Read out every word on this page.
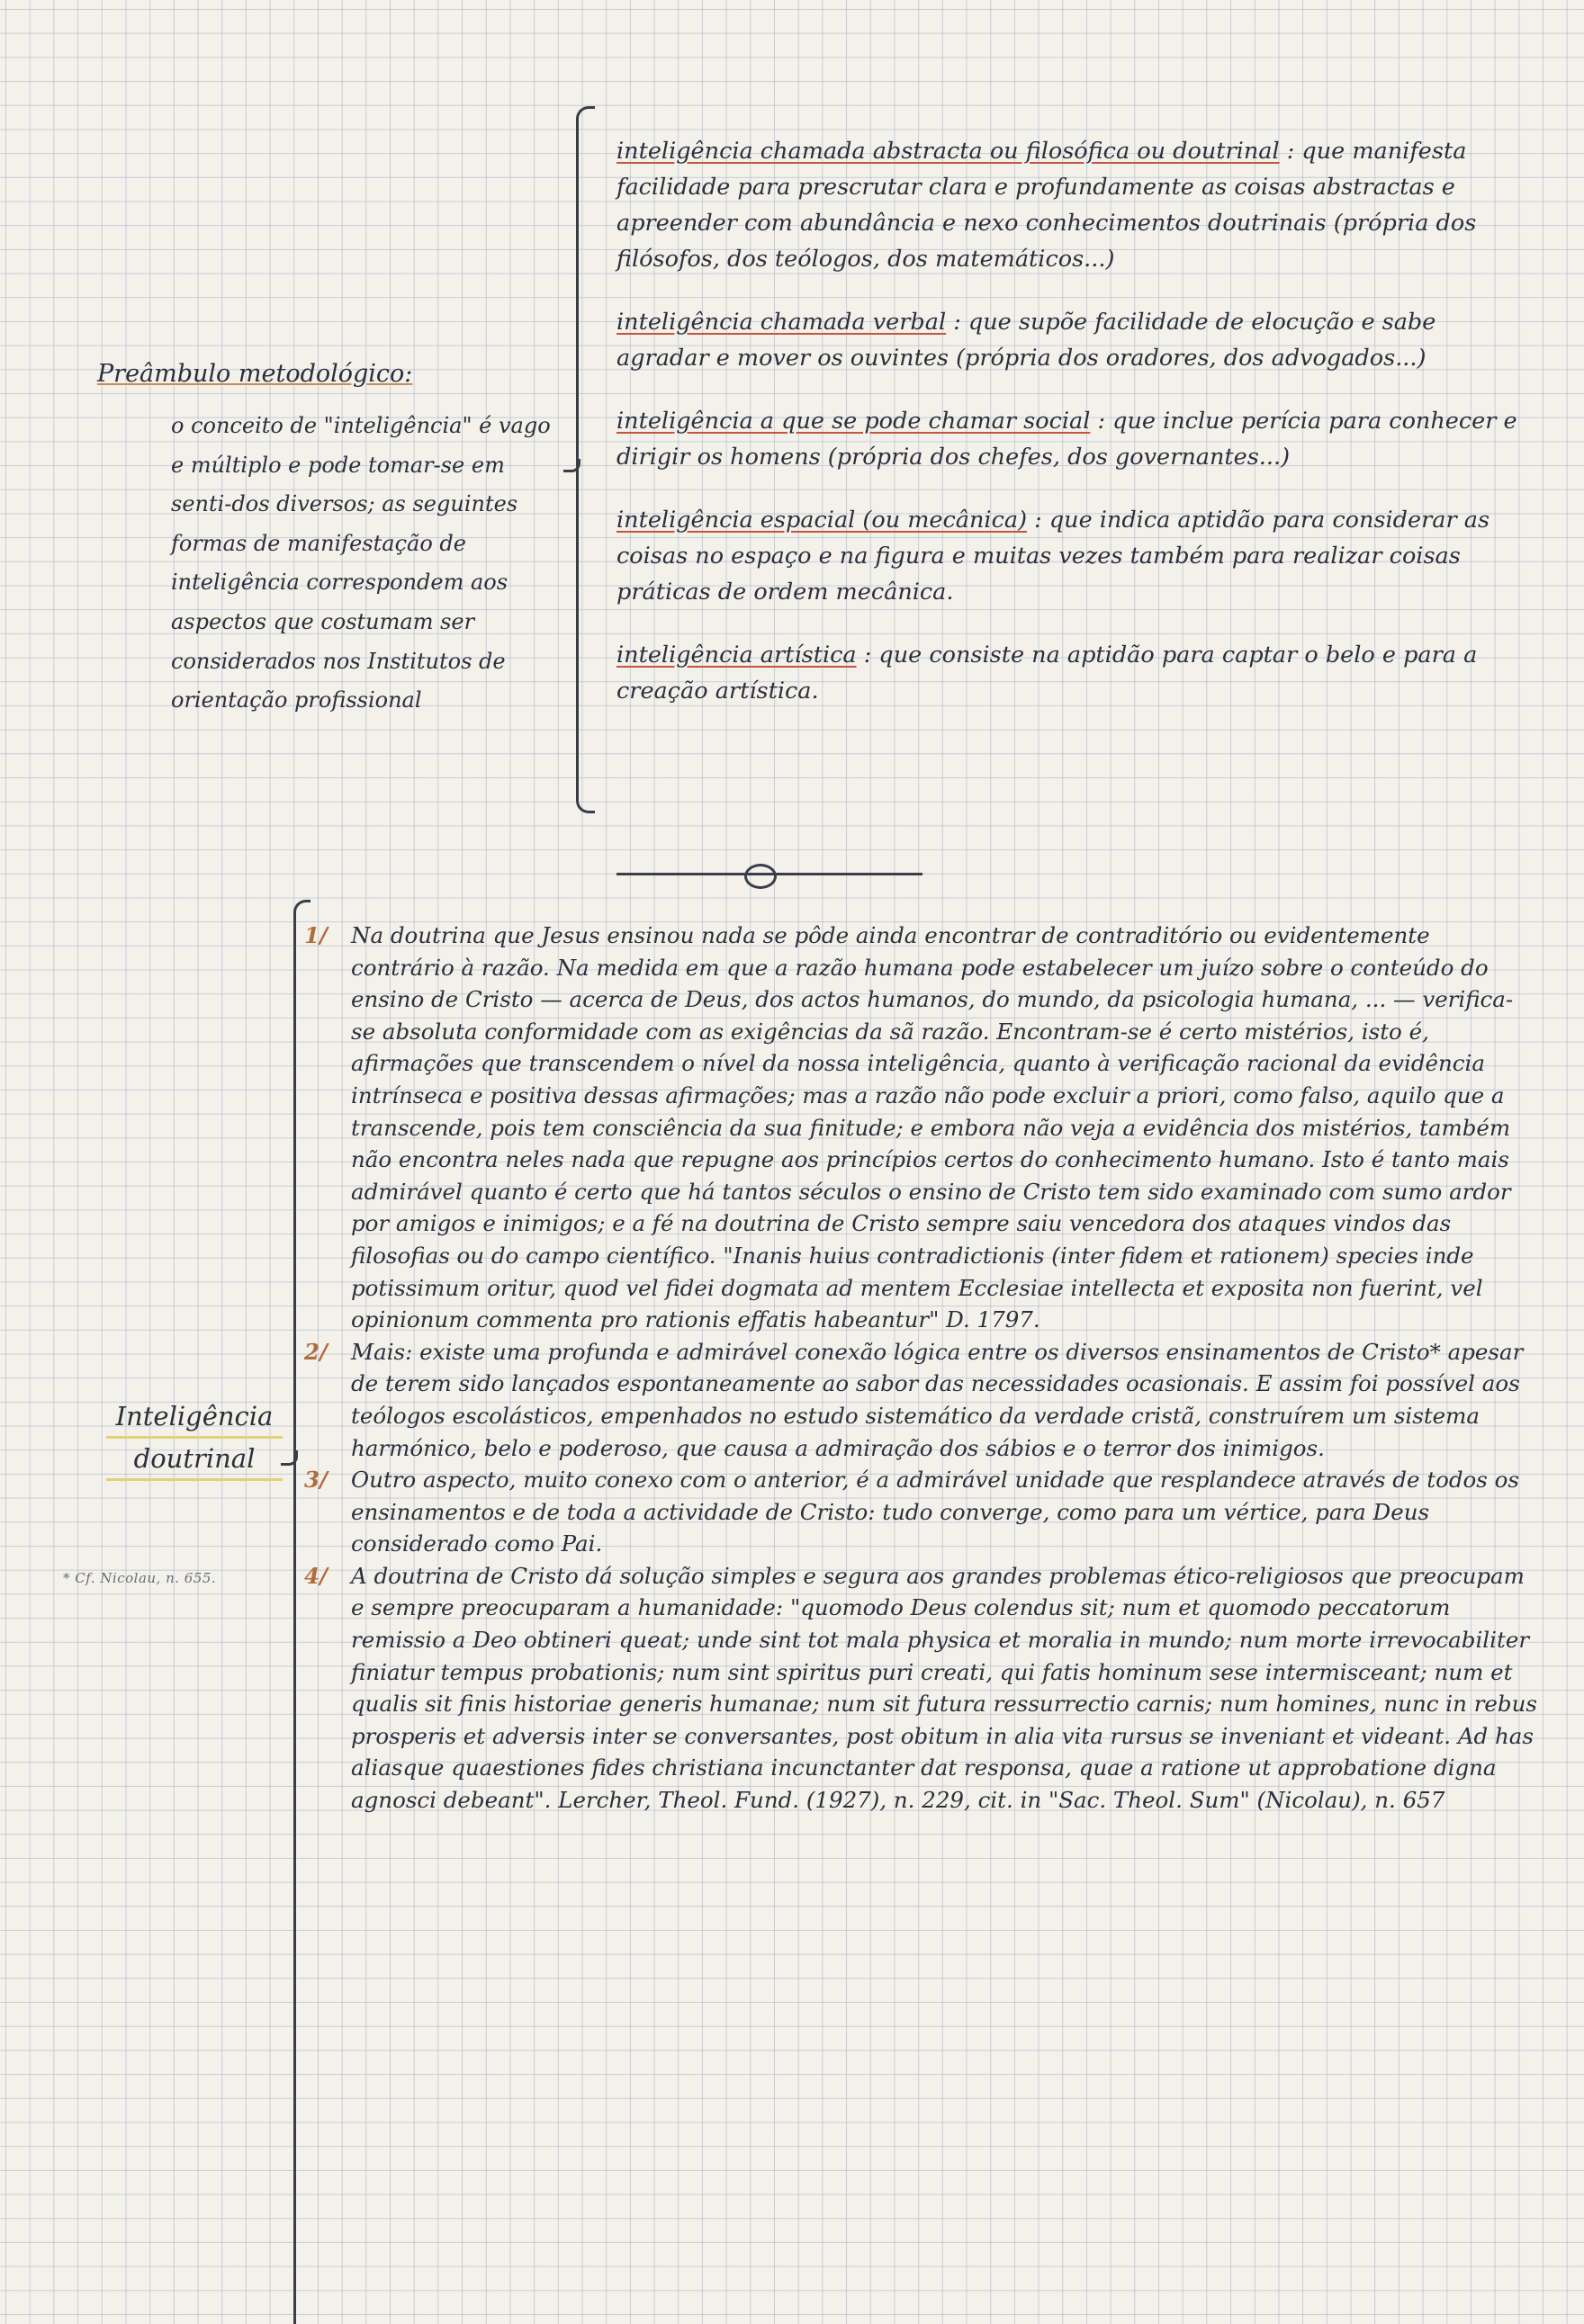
Preâmbulo metodológico:
o conceito de "inteligência" é vago e múltiplo e pode tomar-se em senti-dos diversos; as seguintes formas de manifestação de inteligência correspondem aos aspectos que costumam ser considerados nos Institutos de orientação profissional
inteligência chamada abstracta ou filosófica ou doutrinal : que manifesta facilidade para prescrutar clara e profundamente as coisas abstractas e apreender com abundância e nexo conhecimentos doutrinais (própria dos filósofos, dos teólogos, dos matemáticos...)
inteligência chamada verbal : que supõe facilidade de elocução e sabe agradar e mover os ouvintes (própria dos oradores, dos advogados...)
inteligência a que se pode chamar social : que inclue perícia para conhecer e dirigir os homens (própria dos chefes, dos governantes...)
inteligência espacial (ou mecânica) : que indica aptidão para considerar as coisas no espaço e na figura e muitas vezes também para realizar coisas práticas de ordem mecânica.
inteligência artística : que consiste na aptidão para captar o belo e para a creação artística.
Inteligência
doutrinal
* Cf. Nicolau, n. 655.

1/	Na doutrina que Jesus ensinou nada se pôde ainda encontrar de contraditório ou evidentemente contrário à razão. Na medida em que a razão humana pode estabelecer um juízo sobre o conteúdo do ensino de Cristo — acerca de Deus, dos actos humanos, do mundo, da psicologia humana, ... — verifica-se absoluta conformidade com as exigências da sã razão. Encontram-se é certo mistérios, isto é, afirmações que transcendem o nível da nossa inteligência, quanto à verificação racional da evidência intrínseca e positiva dessas afirmações; mas a razão não pode excluir a priori, como falso, aquilo que a transcende, pois tem consciência da sua finitude; e embora não veja a evidência dos mistérios, também não encontra neles nada que repugne aos princípios certos do conhecimento humano. Isto é tanto mais admirável quanto é certo que há tantos séculos o ensino de Cristo tem sido examinado com sumo ardor por amigos e inimigos; e a fé na doutrina de Cristo sempre saiu vencedora dos ataques vindos das filosofias ou do campo científico. "Inanis huius contradictionis (inter fidem et rationem) species inde potissimum oritur, quod vel fidei dogmata ad mentem Ecclesiae intellecta et exposita non fuerint, vel opinionum commenta pro rationis effatis habeantur" D. 1797.

2/	Mais: existe uma profunda e admirável conexão lógica entre os diversos ensinamentos de Cristo* apesar de terem sido lançados espontaneamente ao sabor das necessidades ocasionais. E assim foi possível aos teólogos escolásticos, empenhados no estudo sistemático da verdade cristã, construírem um sistema harmónico, belo e poderoso, que causa a admiração dos sábios e o terror dos inimigos.

3/	Outro aspecto, muito conexo com o anterior, é a admirável unidade que resplandece através de todos os ensinamentos e de toda a actividade de Cristo: tudo converge, como para um vértice, para Deus considerado como Pai.

4/	A doutrina de Cristo dá solução simples e segura aos grandes problemas ético-religiosos que preocupam e sempre preocuparam a humanidade: "quomodo Deus colendus sit; num et quomodo peccatorum remissio a Deo obtineri queat; unde sint tot mala physica et moralia in mundo; num morte irrevocabiliter finiatur tempus probationis; num sint spiritus puri creati, qui fatis hominum sese intermisceant; num et qualis sit finis historiae generis humanae; num sit futura ressurrectio carnis; num homines, nunc in rebus prosperis et adversis inter se conversantes, post obitum in alia vita rursus se inveniant et videant. Ad has aliasque quaestiones fides christiana incunctanter dat responsa, quae a ratione ut approbatione digna agnosci debeant". Lercher, Theol. Fund. (1927), n. 229, cit. in "Sac. Theol. Sum" (Nicolau), n. 657
